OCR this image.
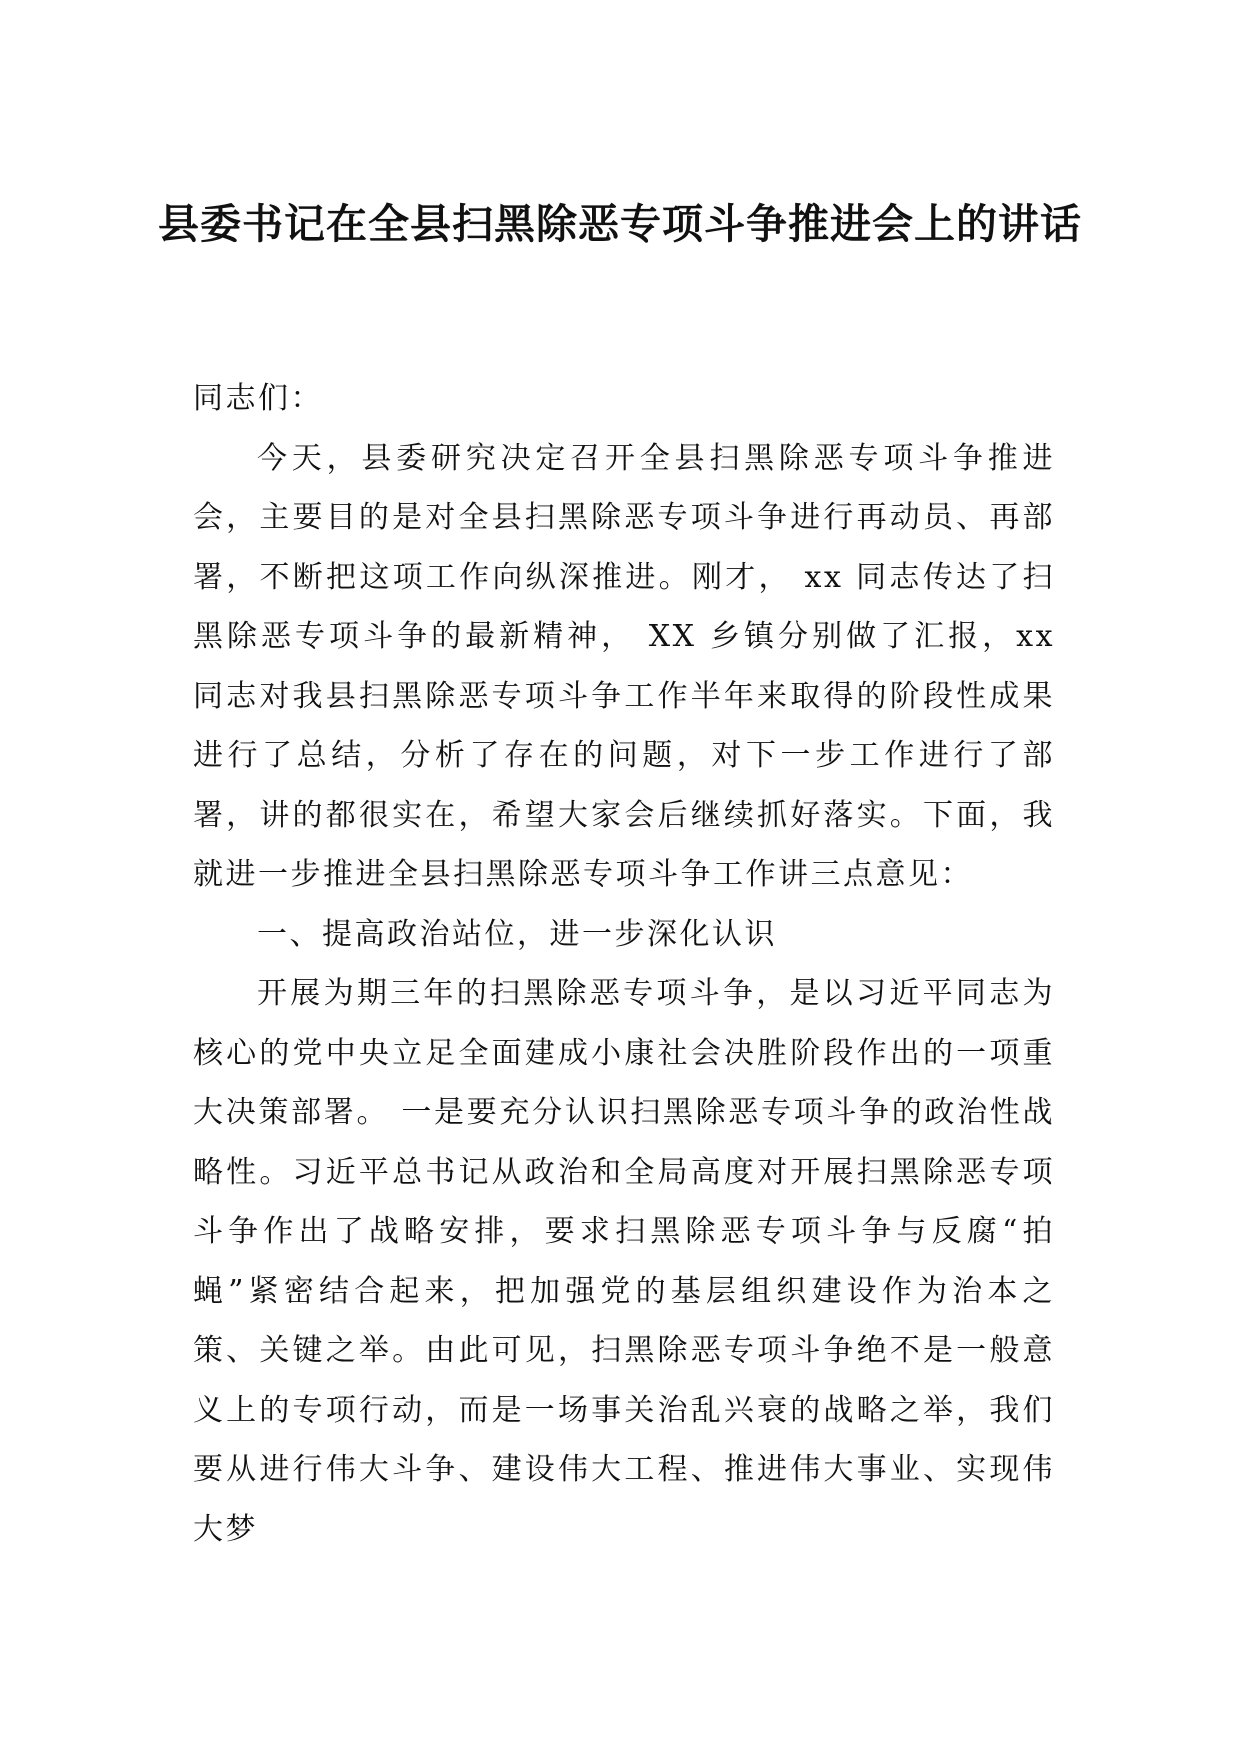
县委书记在全县扫黑除恶专项斗争推进会上的讲话

同志们：

今天，县委研究决定召开全县扫黑除恶专项斗争推进会，主要目的是对全县扫黑除恶专项斗争进行再动员、再部署，不断把这项工作向纵深推进。刚才， xx 同志传达了扫黑除恶专项斗争的最新精神， XX 乡镇分别做了汇报，xx 同志对我县扫黑除恶专项斗争工作半年来取得的阶段性成果进行了总结，分析了存在的问题，对下一步工作进行了部署，讲的都很实在，希望大家会后继续抓好落实。下面，我就进一步推进全县扫黑除恶专项斗争工作讲三点意见：

一、提高政治站位，进一步深化认识

开展为期三年的扫黑除恶专项斗争，是以习近平同志为核心的党中央立足全面建成小康社会决胜阶段作出的一项重大决策部署。 一是要充分认识扫黑除恶专项斗争的政治性战略性。习近平总书记从政治和全局高度对开展扫黑除恶专项斗争作出了战略安排，要求扫黑除恶专项斗争与反腐“拍蝇”紧密结合起来，把加强党的基层组织建设作为治本之策、关键之举。由此可见，扫黑除恶专项斗争绝不是一般意义上的专项行动，而是一场事关治乱兴衰的战略之举，我们要从进行伟大斗争、建设伟大工程、推进伟大事业、实现伟大梦
